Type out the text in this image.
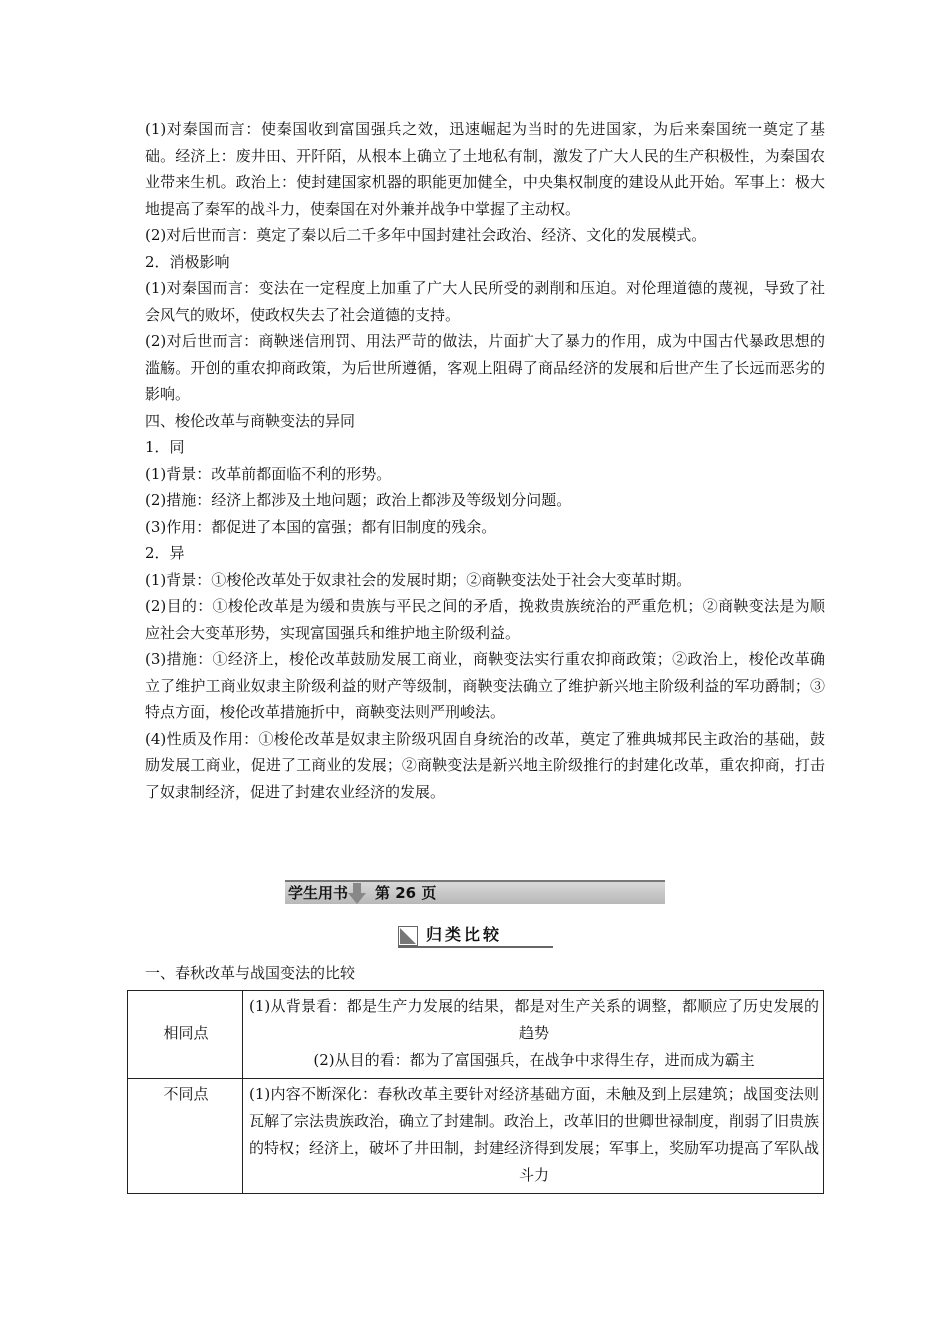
(1)对秦国而言：使秦国收到富国强兵之效，迅速崛起为当时的先进国家，为后来秦国统一奠定了基础。经济上：废井田、开阡陌，从根本上确立了土地私有制，激发了广大人民的生产积极性，为秦国农业带来生机。政治上：使封建国家机器的职能更加健全，中央集权制度的建设从此开始。军事上：极大地提高了秦军的战斗力，使秦国在对外兼并战争中掌握了主动权。

(2)对后世而言：奠定了秦以后二千多年中国封建社会政治、经济、文化的发展模式。

2．消极影响

(1)对秦国而言：变法在一定程度上加重了广大人民所受的剥削和压迫。对伦理道德的蔑视，导致了社会风气的败坏，使政权失去了社会道德的支持。

(2)对后世而言：商鞅迷信刑罚、用法严苛的做法，片面扩大了暴力的作用，成为中国古代暴政思想的滥觞。开创的重农抑商政策，为后世所遵循，客观上阻碍了商品经济的发展和后世产生了长远而恶劣的影响。

四、梭伦改革与商鞅变法的异同

1．同

(1)背景：改革前都面临不利的形势。

(2)措施：经济上都涉及土地问题；政治上都涉及等级划分问题。

(3)作用：都促进了本国的富强；都有旧制度的残余。

2．异

(1)背景：①梭伦改革处于奴隶社会的发展时期；②商鞅变法处于社会大变革时期。

(2)目的：①梭伦改革是为缓和贵族与平民之间的矛盾，挽救贵族统治的严重危机；②商鞅变法是为顺应社会大变革形势，实现富国强兵和维护地主阶级利益。

(3)措施：①经济上，梭伦改革鼓励发展工商业，商鞅变法实行重农抑商政策；②政治上，梭伦改革确立了维护工商业奴隶主阶级利益的财产等级制，商鞅变法确立了维护新兴地主阶级利益的军功爵制；③特点方面，梭伦改革措施折中，商鞅变法则严刑峻法。

(4)性质及作用：①梭伦改革是奴隶主阶级巩固自身统治的改革，奠定了雅典城邦民主政治的基础，鼓励发展工商业，促进了工商业的发展；②商鞅变法是新兴地主阶级推行的封建化改革，重农抑商，打击了奴隶制经济，促进了封建农业经济的发展。

学生用书 第 26 页
归类比较

一、春秋改革与战国变法的比较

相同点	(1)从背景看：都是生产力发展的结果，都是对生产关系的调整，都顺应了历史发展的趋势
(2)从目的看：都为了富国强兵，在战争中求得生存，进而成为霸主

不同点	(1)内容不断深化：春秋改革主要针对经济基础方面，未触及到上层建筑；战国变法则瓦解了宗法贵族政治，确立了封建制。政治上，改革旧的世卿世禄制度，削弱了旧贵族的特权；经济上，破坏了井田制，封建经济得到发展；军事上，奖励军功提高了军队战斗力
